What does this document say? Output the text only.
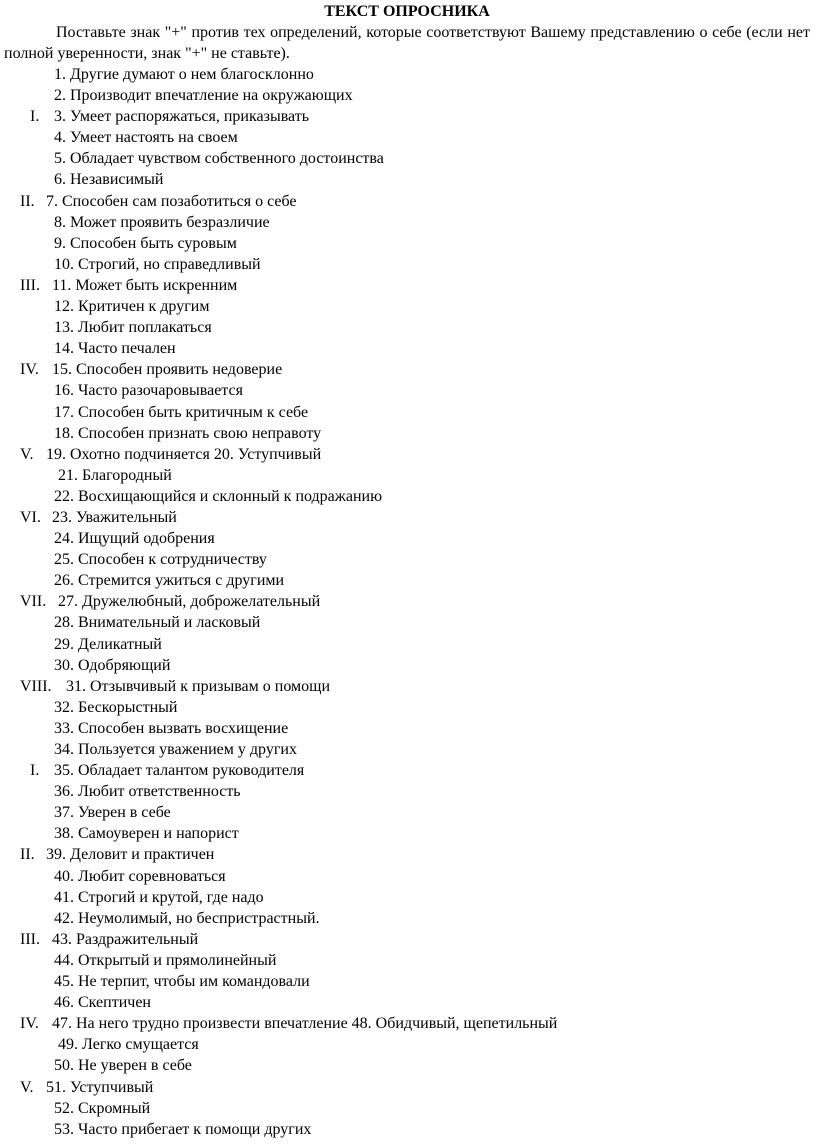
ТЕКСТ ОПРОСНИКА

Поставьте знак "+" против тех определений, которые соответствуют Вашему представлению о себе (если нет полной уверенности, знак "+" не ставьте).

1. Другие думают о нем благосклонно
2. Производит впечатление на окружающих
I. 3. Умеет распоряжаться, приказывать
4. Умеет настоять на своем
5. Обладает чувством собственного достоинства
6. Независимый
II. 7. Способен сам позаботиться о себе
8. Может проявить безразличие
9. Способен быть суровым
10. Строгий, но справедливый
III. 11. Может быть искренним
12. Критичен к другим
13. Любит поплакаться
14. Часто печален
IV. 15. Способен проявить недоверие
16. Часто разочаровывается
17. Способен быть критичным к себе
18. Способен признать свою неправоту
V. 19. Охотно подчиняется 20. Уступчивый
21. Благородный
22. Восхищающийся и склонный к подражанию
VI. 23. Уважительный
24. Ищущий одобрения
25. Способен к сотрудничеству
26. Стремится ужиться с другими
VII. 27. Дружелюбный, доброжелательный
28. Внимательный и ласковый
29. Деликатный
30. Одобряющий
VIII. 31. Отзывчивый к призывам о помощи
32. Бескорыстный
33. Способен вызвать восхищение
34. Пользуется уважением у других
I. 35. Обладает талантом руководителя
36. Любит ответственность
37. Уверен в себе
38. Самоуверен и напорист
II. 39. Деловит и практичен
40. Любит соревноваться
41. Строгий и крутой, где надо
42. Неумолимый, но беспристрастный.
III. 43. Раздражительный
44. Открытый и прямолинейный
45. Не терпит, чтобы им командовали
46. Скептичен
IV. 47. На него трудно произвести впечатление 48. Обидчивый, щепетильный
49. Легко смущается
50. Не уверен в себе
V. 51. Уступчивый
52. Скромный
53. Часто прибегает к помощи других
